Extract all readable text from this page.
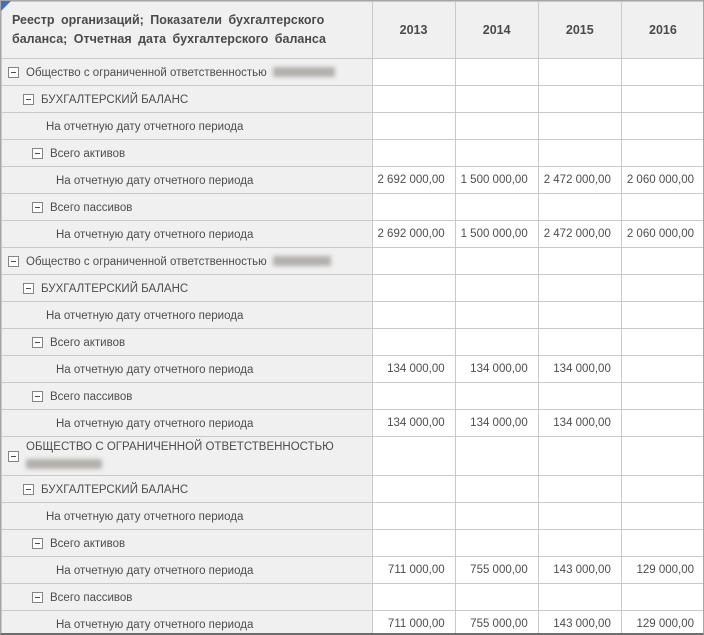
Реестр организаций; Показатели бухгалтерского баланса; Отчетная дата бухгалтерского баланса	2013	2014	2015	2016

Общество с ограниченной ответственностью				

БУХГАЛТЕРСКИЙ БАЛАНС				

На отчетную дату отчетного периода				

Всего активов				

На отчетную дату отчетного периода	2 692 000,00	1 500 000,00	2 472 000,00	2 060 000,00

Всего пассивов				

На отчетную дату отчетного периода	2 692 000,00	1 500 000,00	2 472 000,00	2 060 000,00

Общество с ограниченной ответственностью				

БУХГАЛТЕРСКИЙ БАЛАНС				

На отчетную дату отчетного периода				

Всего активов				

На отчетную дату отчетного периода	134 000,00	134 000,00	134 000,00	

Всего пассивов				

На отчетную дату отчетного периода	134 000,00	134 000,00	134 000,00	

ОБЩЕСТВО С ОГРАНИЧЕННОЙ ОТВЕТСТВЕННОСТЬЮ				

БУХГАЛТЕРСКИЙ БАЛАНС				

На отчетную дату отчетного периода				

Всего активов				

На отчетную дату отчетного периода	711 000,00	755 000,00	143 000,00	129 000,00

Всего пассивов				

На отчетную дату отчетного периода	711 000,00	755 000,00	143 000,00	129 000,00
